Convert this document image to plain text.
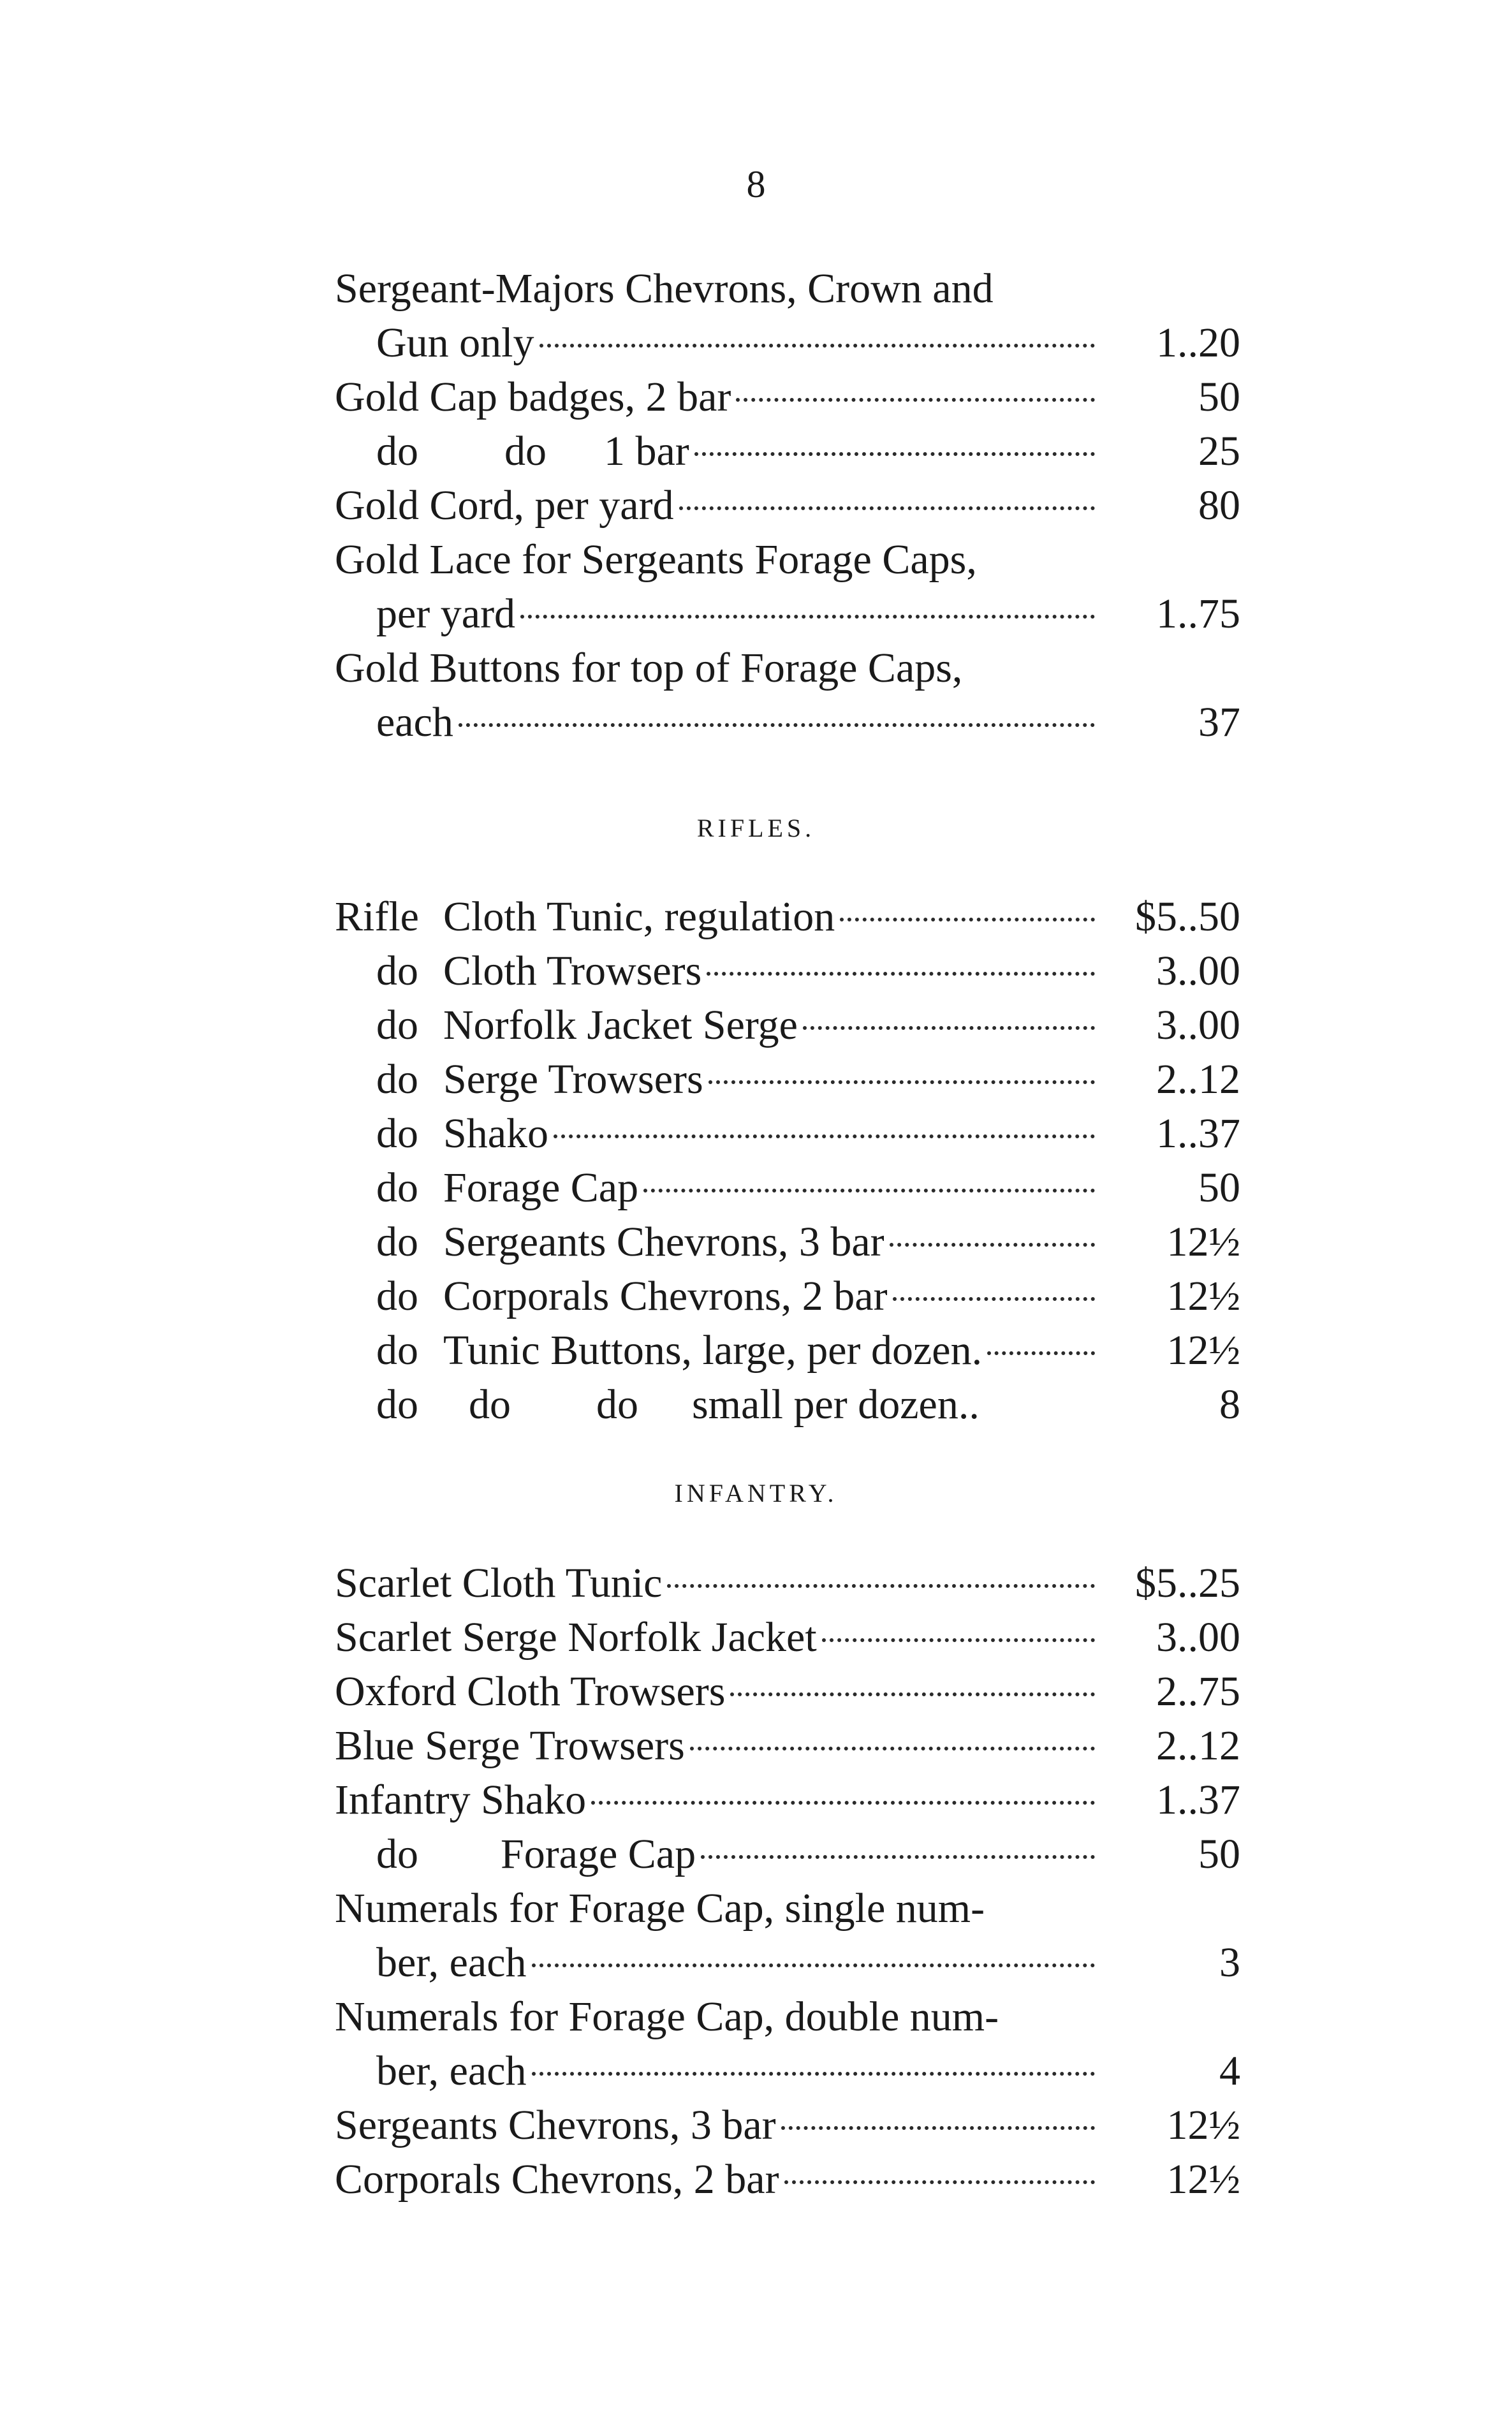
8
Sergeant-Majors Chevrons, Crown and
Gun only	1..20
Gold Cap badges, 2 bar	50
do do 1 bar	25
Gold Cord, per yard	80
Gold Lace for Sergeants Forage Caps,
per yard	1..75
Gold Buttons for top of Forage Caps,
each	37
RIFLES.
Rifle Cloth Tunic, regulation	$5..50
do Cloth Trowsers	3..00
do Norfolk Jacket Serge	3..00
do Serge Trowsers	2..12
do Shako	1..37
do Forage Cap	50
do Sergeants Chevrons, 3 bar	12½
do Corporals Chevrons, 2 bar	12½
do Tunic Buttons, large, per dozen.	12½
do	do	do	small per dozen..	8
INFANTRY.
Scarlet Cloth Tunic	$5..25
Scarlet Serge Norfolk Jacket	3..00
Oxford Cloth Trowsers	2..75
Blue Serge Trowsers	2..12
Infantry Shako	1..37
do	Forage Cap	50
Numerals for Forage Cap, single num-
ber, each	3
Numerals for Forage Cap, double num-
ber, each	4
Sergeants Chevrons, 3 bar	12½
Corporals Chevrons, 2 bar	12½
